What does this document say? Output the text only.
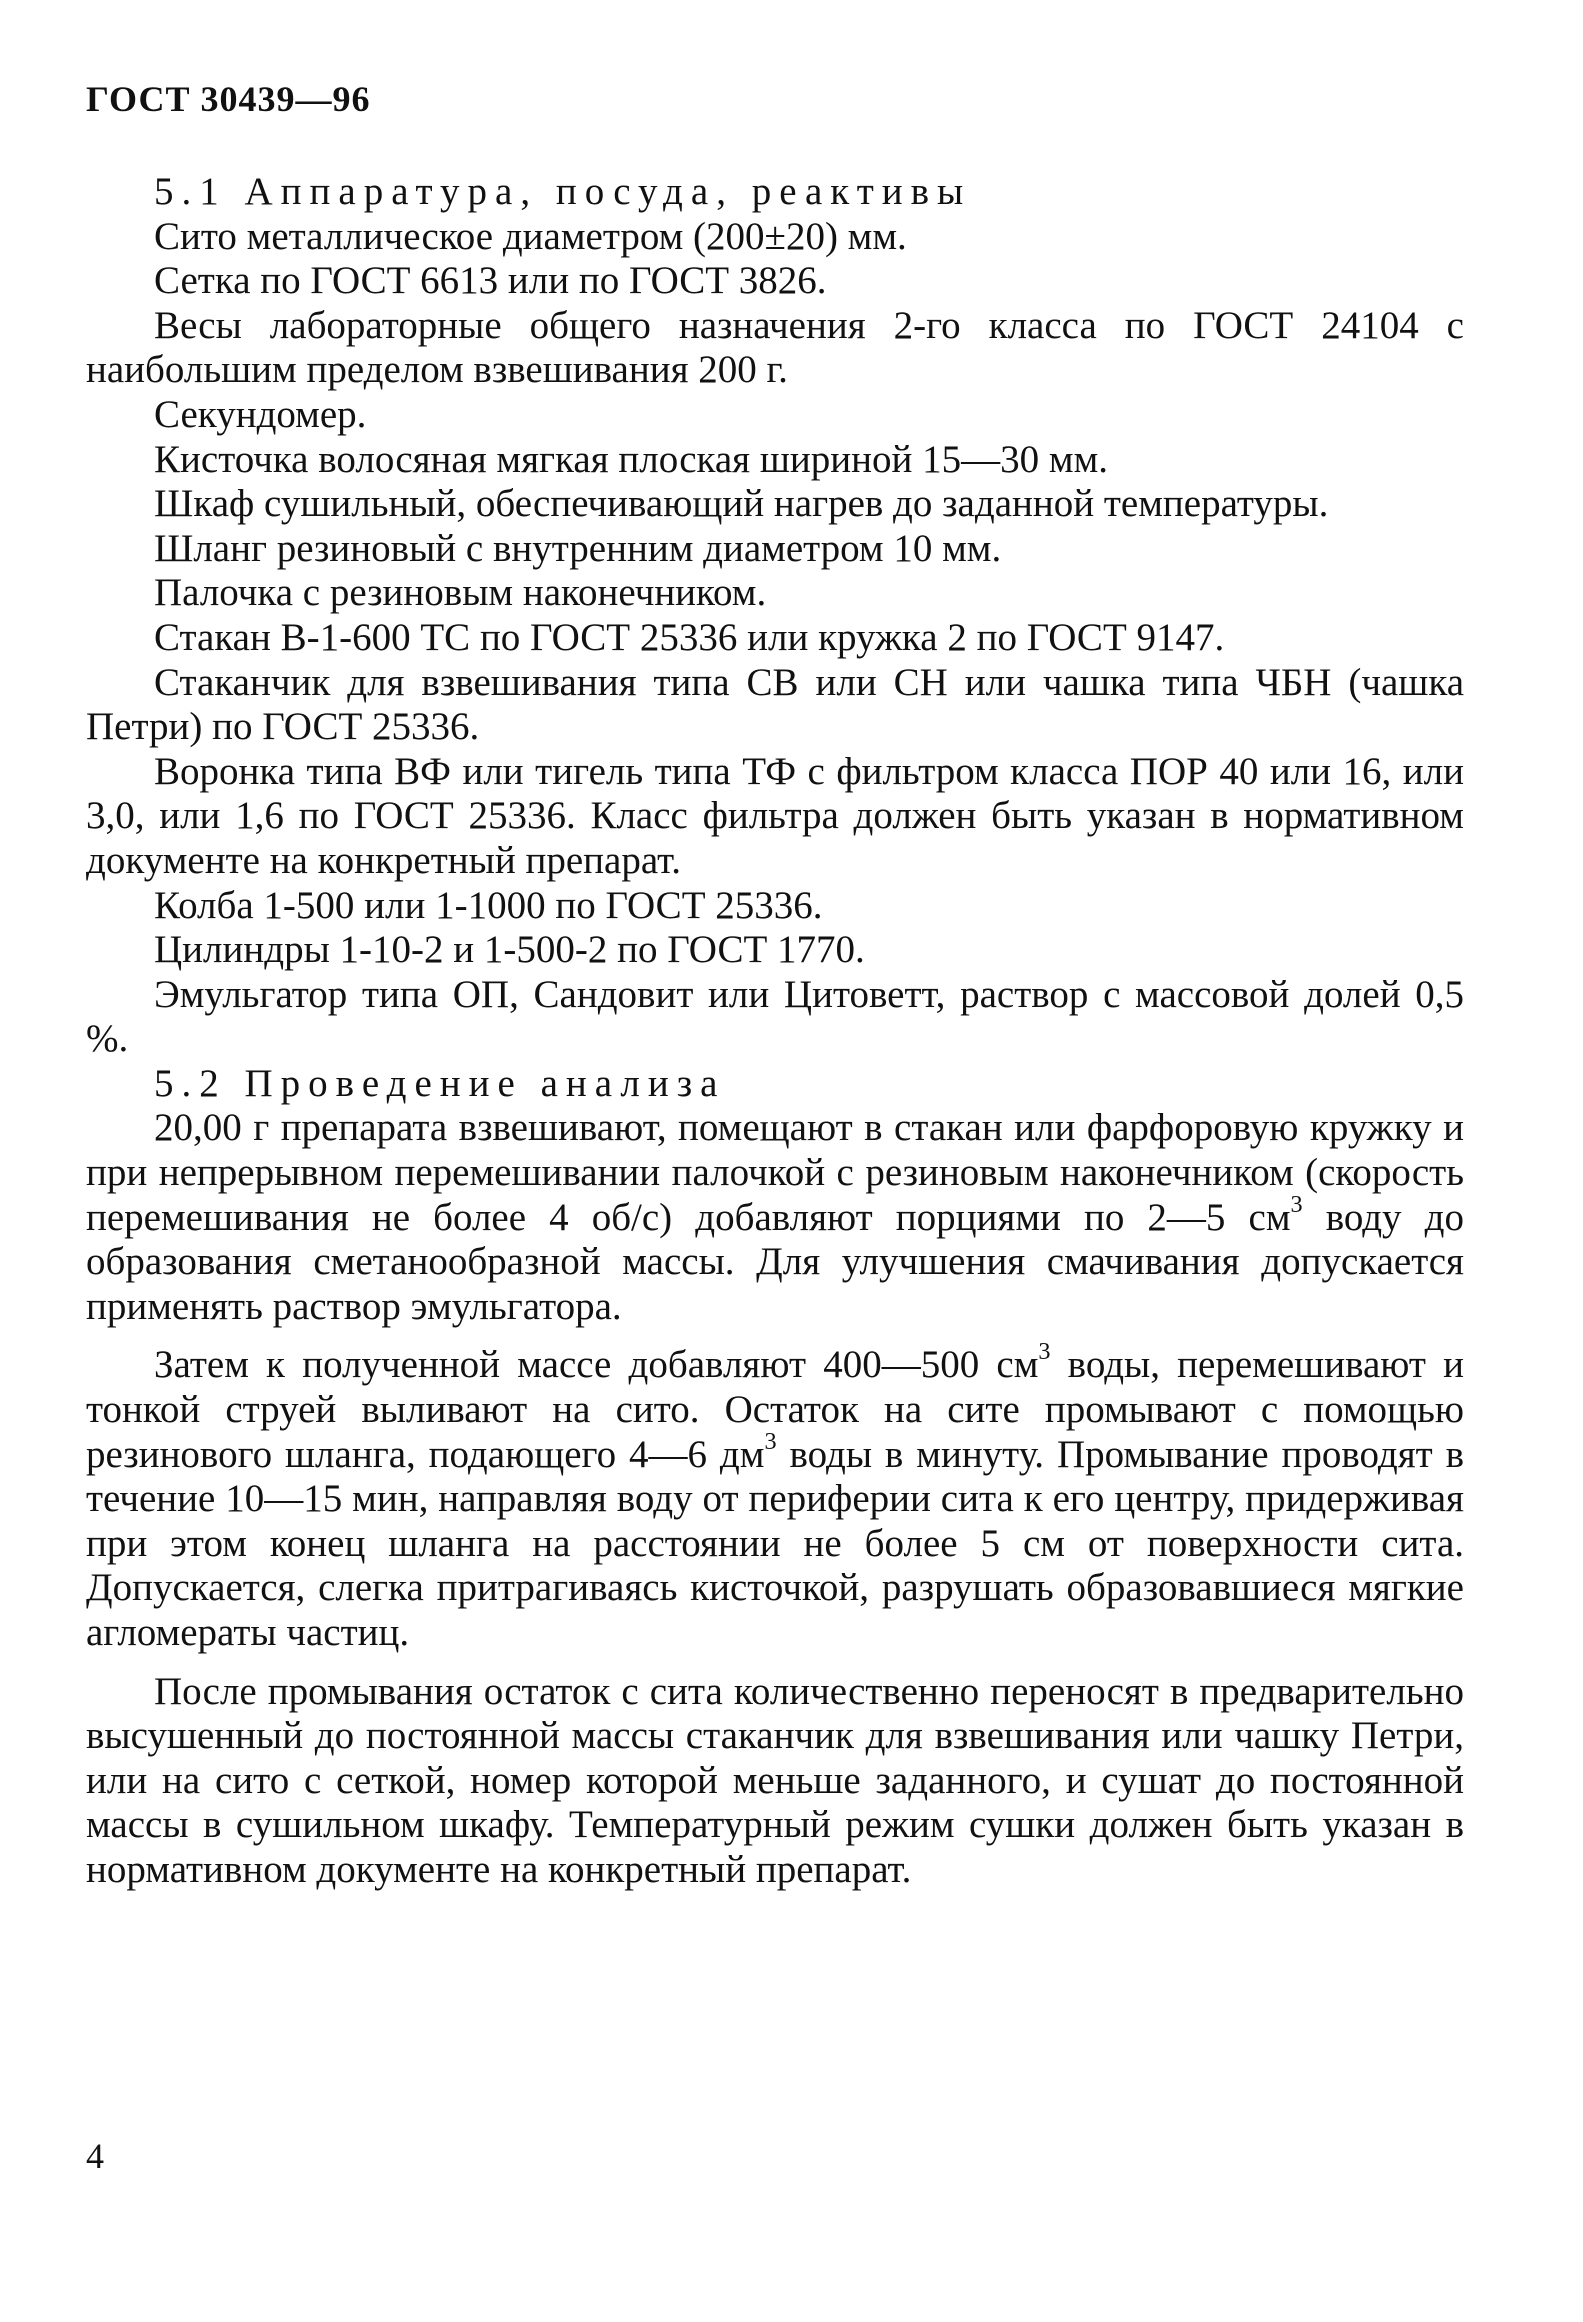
ГОСТ 30439—96

5.1 Аппаратура, посуда, реактивы

Сито металлическое диаметром (200±20) мм.

Сетка по ГОСТ 6613 или по ГОСТ 3826.

Весы лабораторные общего назначения 2-го класса по ГОСТ 24104 с наибольшим пределом взвешивания 200 г.

Секундомер.

Кисточка волосяная мягкая плоская шириной 15—30 мм.

Шкаф сушильный, обеспечивающий нагрев до заданной температуры.

Шланг резиновый с внутренним диаметром 10 мм.

Палочка с резиновым наконечником.

Стакан В-1-600 ТС по ГОСТ 25336 или кружка 2 по ГОСТ 9147.

Стаканчик для взвешивания типа СВ или СН или чашка типа ЧБН (чашка Петри) по ГОСТ 25336.

Воронка типа ВФ или тигель типа ТФ с фильтром класса ПОР 40 или 16, или 3,0, или 1,6 по ГОСТ 25336. Класс фильтра должен быть указан в нормативном документе на конкретный препарат.

Колба 1-500 или 1-1000 по ГОСТ 25336.

Цилиндры 1-10-2 и 1-500-2 по ГОСТ 1770.

Эмульгатор типа ОП, Сандовит или Цитоветт, раствор с массовой долей 0,5 %.

5.2 Проведение анализа

20,00 г препарата взвешивают, помещают в стакан или фарфоровую кружку и при непрерывном перемешивании палочкой с резиновым наконечником (скорость перемешивания не более 4 об/с) добавляют порциями по 2—5 $см^3$ воду до образования сметанообразной массы. Для улучшения смачивания допускается применять раствор эмульгатора.

Затем к полученной массе добавляют 400—500 $см^3$ воды, перемешивают и тонкой струей выливают на сито. Остаток на сите промывают с помощью резинового шланга, подающего 4—6 $дм^3$ воды в минуту. Промывание проводят в течение 10—15 мин, направляя воду от периферии сита к его центру, придерживая при этом конец шланга на расстоянии не более 5 см от поверхности сита. Допускается, слегка притрагиваясь кисточкой, разрушать образовавшиеся мягкие агломераты частиц.

После промывания остаток с сита количественно переносят в предварительно высушенный до постоянной массы стаканчик для взвешивания или чашку Петри, или на сито с сеткой, номер которой меньше заданного, и сушат до постоянной массы в сушильном шкафу. Температурный режим сушки должен быть указан в нормативном документе на конкретный препарат.

4
